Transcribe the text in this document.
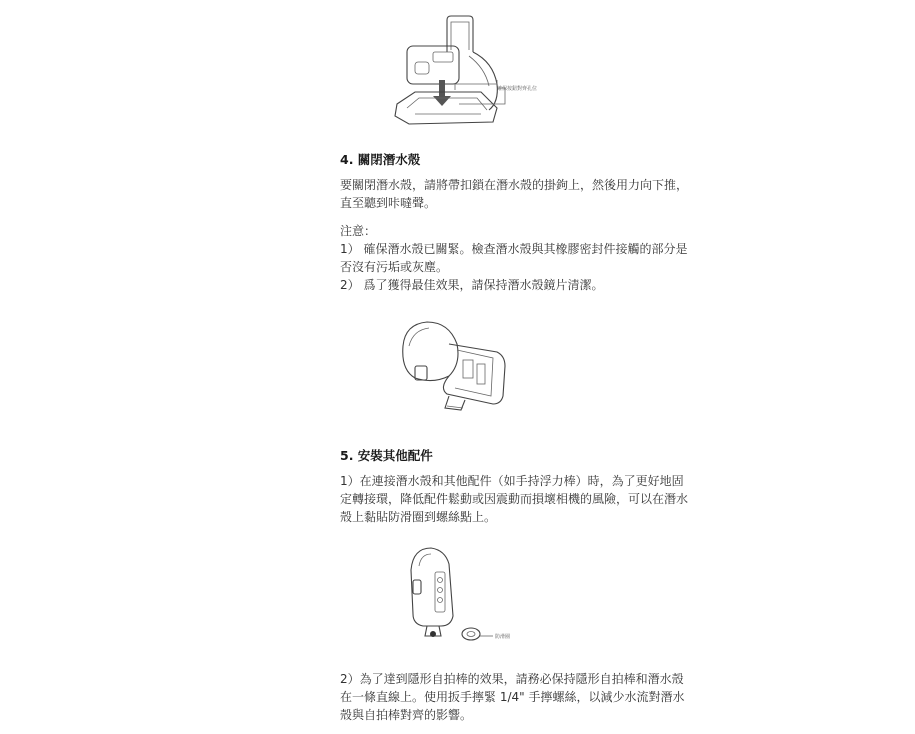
確保按鈕對齊孔位
4. 關閉潛水殼
要關閉潛水殼，請將帶扣鎖在潛水殼的掛鉤上，然後用力向下推，直至聽到咔噠聲。
注意：
1） 確保潛水殼已關緊。檢查潛水殼與其橡膠密封件接觸的部分是否沒有污垢或灰塵。
2） 爲了獲得最佳效果，請保持潛水殼鏡片清潔。
5. 安裝其他配件
1）在連接潛水殼和其他配件（如手持浮力棒）時，為了更好地固定轉接環，降低配件鬆動或因震動而損壞相機的風險，可以在潛水殼上黏貼防滑圈到螺絲點上。
防滑圈
2）為了達到隱形自拍棒的效果，請務必保持隱形自拍棒和潛水殼在一條直線上。使用扳手擰緊 1/4" 手擰螺絲，以減少水流對潛水殼與自拍棒對齊的影響。
